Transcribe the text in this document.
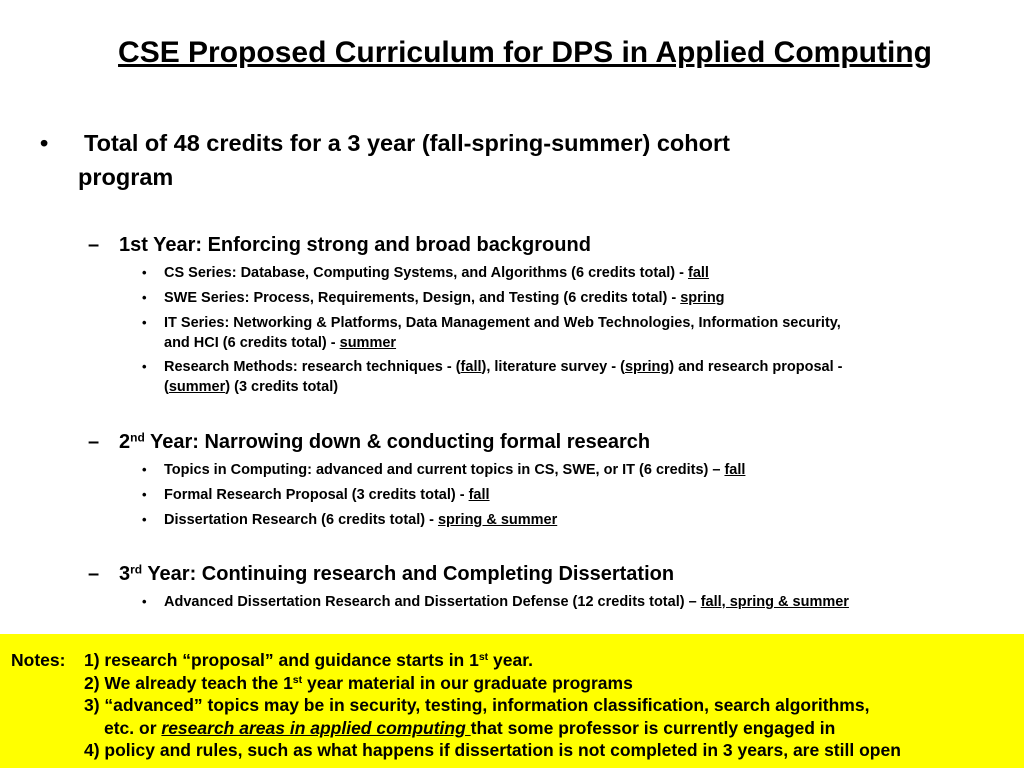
CSE Proposed Curriculum for DPS in Applied Computing
• Total of 48 credits for a 3 year (fall-spring-summer) cohort
program
– 1st Year: Enforcing strong and broad background
• CS Series: Database, Computing Systems, and Algorithms (6 credits total) - fall
• SWE Series: Process, Requirements, Design, and Testing (6 credits total) - spring
• IT Series: Networking & Platforms, Data Management and Web Technologies, Information security,
and HCI (6 credits total) - summer
• Research Methods: research techniques - (fall), literature survey - (spring) and research proposal -
(summer) (3 credits total)
– 2nd Year: Narrowing down & conducting formal research
• Topics in Computing: advanced and current topics in CS, SWE, or IT (6 credits) – fall
• Formal Research Proposal (3 credits total) - fall
• Dissertation Research (6 credits total) - spring & summer
– 3rd Year: Continuing research and Completing Dissertation
• Advanced Dissertation Research and Dissertation Defense (12 credits total) – fall, spring & summer
Notes: 1) research “proposal” and guidance starts in 1st year.
2) We already teach the 1st year material in our graduate programs
3) “advanced” topics may be in security, testing, information classification, search algorithms,
etc. or research areas in applied computing that some professor is currently engaged in
4) policy and rules, such as what happens if dissertation is not completed in 3 years, are still open
